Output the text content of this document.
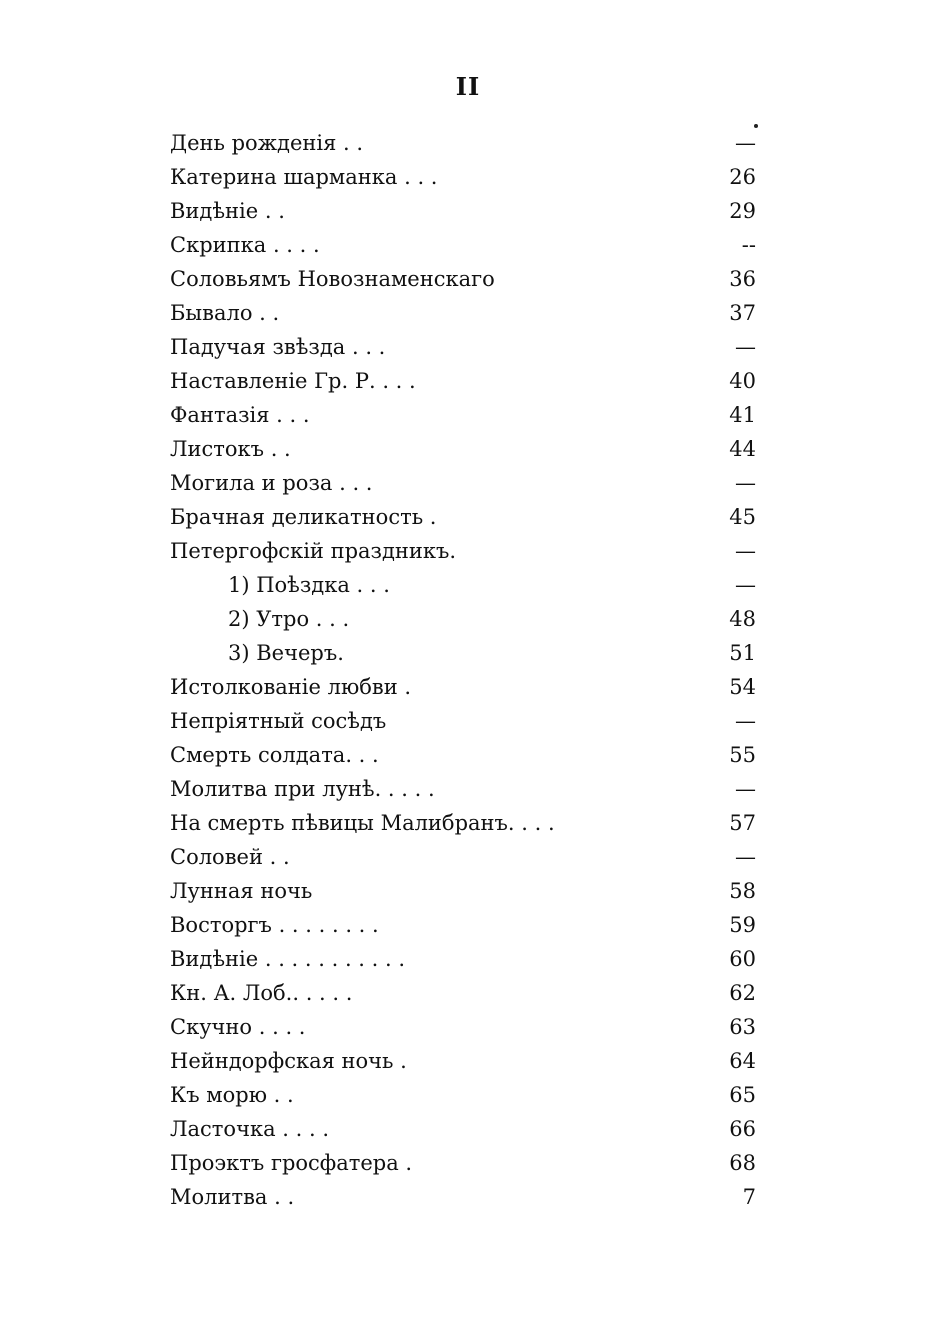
II
День рожденія . .	—
Катерина шарманка . . .	26
Видѣніе . .	29
Скрипка . . . .	--
Соловьямъ Новознаменскаго	36
Бывало . .	37
Падучая звѣзда . . .	—
Наставленіе Гр. Р. . . .	40
Фантазія . . .	41
Листокъ . .	44
Могила и роза . . .	—
Брачная деликатность .	45
Петергофскій праздникъ.	—
1) Поѣздка . . .	—
2) Утро . . .	48
3) Вечеръ.	51
Истолкованіе любви .	54
Непріятный сосѣдъ	—
Смерть солдата. . .	55
Молитва при лунѣ. . . . .	—
На смерть пѣвицы Малибранъ. . . .	57
Соловей . .	—
Лунная ночь	58
Восторгъ . . . . . . . .	59
Видѣніе . . . . . . . . . . .	60
Кн. А. Лоб.. . . . .	62
Скучно . . . .	63
Нейндорфская ночь .	64
Къ морю . .	65
Ласточка . . . .	66
Проэктъ гросфатера .	68
Молитва . .	7
